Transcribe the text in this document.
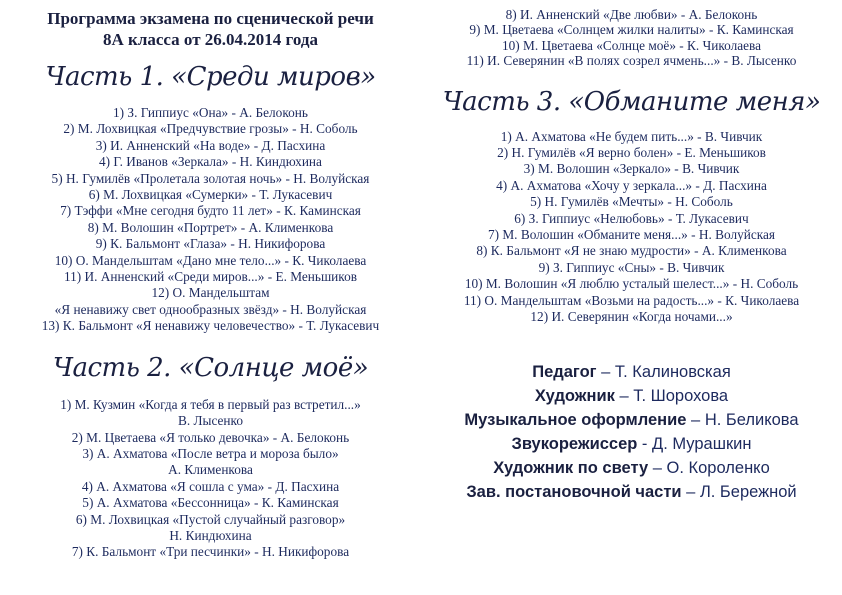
Программа экзамена по сценической речи
8А класса от 26.04.2014 года
Часть 1. «Среди миров»
1) З. Гиппиус «Она» - А. Белоконь
2) М. Лохвицкая «Предчувствие грозы» - Н. Соболь
3) И. Анненский «На воде» - Д. Пасхина
4) Г. Иванов «Зеркала» - Н. Киндюхина
5) Н. Гумилёв «Пролетала золотая ночь» - Н. Волуйская
6) М. Лохвицкая «Сумерки» - Т. Лукасевич
7) Тэффи «Мне сегодня будто 11 лет» - К. Каминская
8) М. Волошин «Портрет» - А. Клименкова
9) К. Бальмонт «Глаза» - Н. Никифорова
10) О. Мандельштам «Дано мне тело...» - К. Чиколаева
11) И. Анненский «Среди миров...» - Е. Меньшиков
12) О. Мандельштам
«Я ненавижу свет однообразных звёзд» - Н. Волуйская
13) К. Бальмонт «Я ненавижу человечество» - Т. Лукасевич
Часть 2. «Солнце моё»
1) М. Кузмин «Когда я тебя в первый раз встретил...»
В. Лысенко
2) М. Цветаева «Я только девочка» - А. Белоконь
3) А. Ахматова «После ветра и мороза было»
А. Клименкова
4) А. Ахматова «Я сошла с ума» - Д. Пасхина
5) А. Ахматова «Бессонница» - К. Каминская
6) М. Лохвицкая «Пустой случайный разговор»
Н. Киндюхина
7) К. Бальмонт «Три песчинки» - Н. Никифорова
8) И. Анненский «Две любви» - А. Белоконь
9) М. Цветаева «Солнцем жилки налиты» - К. Каминская
10) М. Цветаева «Солнце моё» - К. Чиколаева
11) И. Северянин «В полях созрел ячмень...» - В. Лысенко
Часть 3. «Обманите меня»
1) А. Ахматова «Не будем пить...» - В. Чивчик
2) Н. Гумилёв «Я верно болен» - Е. Меньшиков
3) М. Волошин «Зеркало» - В. Чивчик
4) А. Ахматова «Хочу у зеркала...» - Д. Пасхина
5) Н. Гумилёв «Мечты» - Н. Соболь
6) З. Гиппиус «Нелюбовь» - Т. Лукасевич
7) М. Волошин «Обманите меня...» - Н. Волуйская
8) К. Бальмонт «Я не знаю мудрости» - А. Клименкова
9) З. Гиппиус «Сны» - В. Чивчик
10) М. Волошин «Я люблю усталый шелест...» - Н. Соболь
11) О. Мандельштам «Возьми на радость...» - К. Чиколаева
12) И. Северянин «Когда ночами...»
Педагог – Т. Калиновская
Художник – Т. Шорохова
Музыкальное оформление – Н. Беликова
Звукорежиссер - Д. Мурашкин
Художник по свету – О. Короленко
Зав. постановочной части – Л. Бережной
